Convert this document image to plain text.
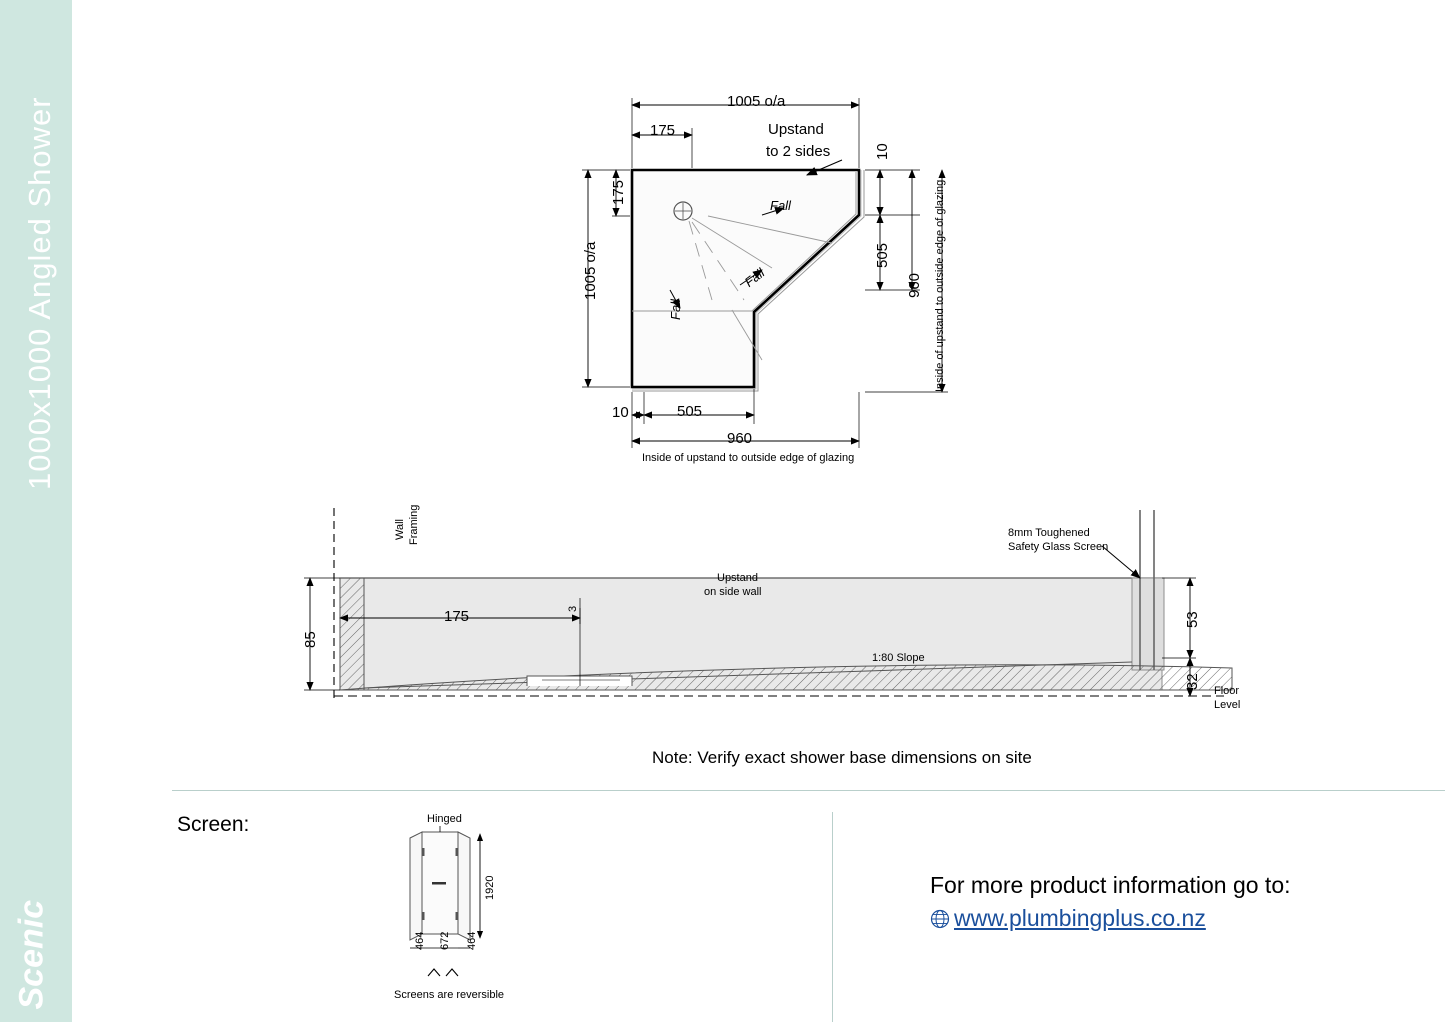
1000x1000 Angled Shower
Scenic
1005 o/a
175	Upstand
to 2 sides
1005 o/a
175
10
505
960 Inside of upstand to outside edge of glazing
10	505
960
Inside of upstand to outside edge of glazing
Fall
Fall
Fall
Wall Framing	8mm Toughened
Safety Glass Screen
Upstand
on side wall
85
175	3
53
32
1:80 Slope
Floor Level
Note: Verify exact shower base dimensions on site
Screen:	Hinged
1920
464 672 464
Screens are reversible
For more product information go to:
www.plumbingplus.co.nz
